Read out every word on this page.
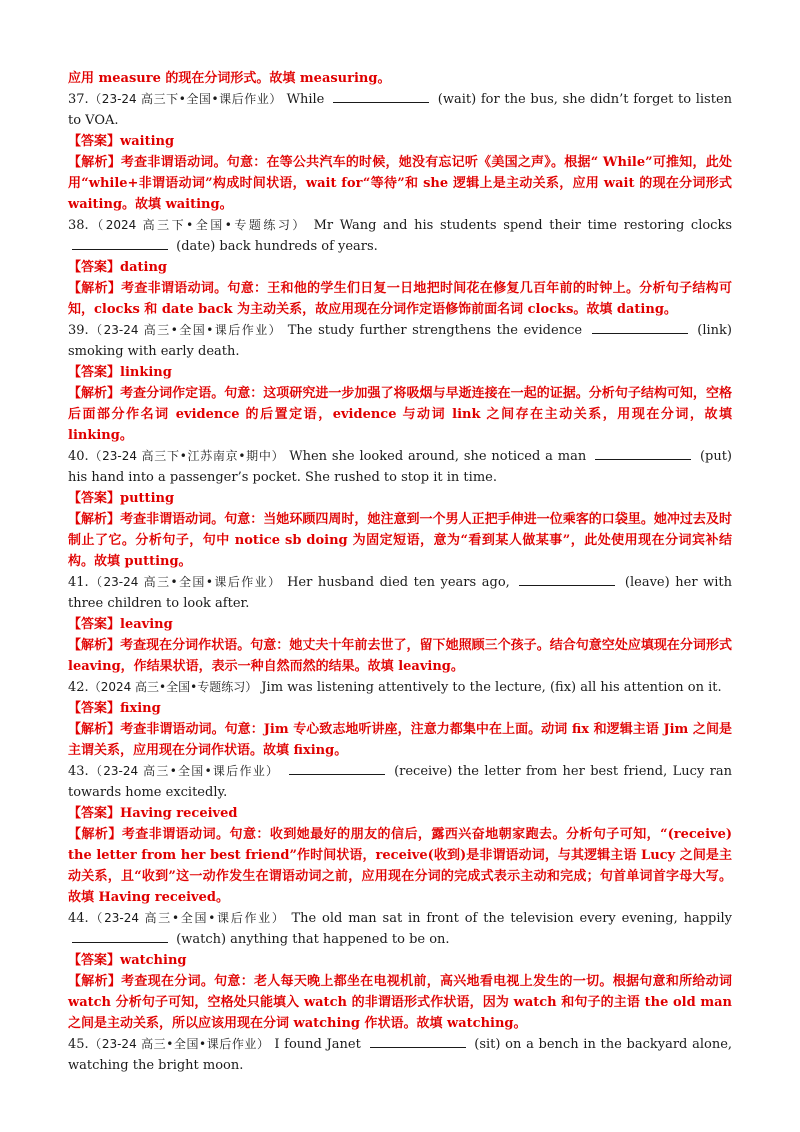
应用 measure 的现在分词形式。故填 measuring。
37.（23-24 高三下•全国•课后作业） While	(wait) for the bus, she didn’t forget to listen to VOA.
【答案】waiting
【解析】考查非谓语动词。句意：在等公共汽车的时候，她没有忘记听《美国之声》。根据“ While”可推知，此处用“while+非谓语动词”构成时间状语，wait for“等待”和 she 逻辑上是主动关系，应用 wait 的现在分词形式 waiting。故填 waiting。
38.（2024 高三下•全国•专题练习） Mr Wang and his students spend their time restoring clocks  (date) back hundreds of years.
【答案】dating
【解析】考查非谓语动词。句意：王和他的学生们日复一日地把时间花在修复几百年前的时钟上。分析句子结构可知，clocks 和 date back 为主动关系，故应用现在分词作定语修饰前面名词 clocks。故填 dating。
39.（23-24 高三•全国•课后作业） The study further strengthens the evidence	(link) smoking with early death.
【答案】linking
【解析】考查分词作定语。句意：这项研究进一步加强了将吸烟与早逝连接在一起的证据。分析句子结构可知，空格后面部分作名词 evidence 的后置定语，evidence 与动词 link 之间存在主动关系，用现在分词，故填 linking。
40.（23-24 高三下•江苏南京•期中） When she looked around, she noticed a man	(put) his hand into a passenger’s pocket. She rushed to stop it in time.
【答案】putting
【解析】考查非谓语动词。句意：当她环顾四周时，她注意到一个男人正把手伸进一位乘客的口袋里。她冲过去及时制止了它。分析句子，句中 notice sb doing 为固定短语，意为“看到某人做某事”，此处使用现在分词宾补结构。故填 putting。
41.（23-24 高三•全国•课后作业） Her husband died ten years ago,	(leave) her with three children to look after.
【答案】leaving
【解析】考查现在分词作状语。句意：她丈夫十年前去世了，留下她照顾三个孩子。结合句意空处应填现在分词形式 leaving，作结果状语，表示一种自然而然的结果。故填 leaving。
42.（2024 高三•全国•专题练习） Jim was listening attentively to the lecture, (fix) all his attention on it.
【答案】fixing
【解析】考查非谓语动词。句意：Jim 专心致志地听讲座，注意力都集中在上面。动词 fix 和逻辑主语 Jim 之间是主谓关系，应用现在分词作状语。故填 fixing。
43.（23-24 高三•全国•课后作业）	(receive) the letter from her best friend, Lucy ran towards home excitedly.
【答案】Having received
【解析】考查非谓语动词。句意：收到她最好的朋友的信后，露西兴奋地朝家跑去。分析句子可知，“(receive) the letter from her best friend”作时间状语，receive(收到)是非谓语动词，与其逻辑主语 Lucy 之间是主动关系，且“收到”这一动作发生在谓语动词之前，应用现在分词的完成式表示主动和完成；句首单词首字母大写。故填 Having received。
44.（23-24 高三•全国•课后作业） The old man sat in front of the television every evening, happily  (watch) anything that happened to be on.
【答案】watching
【解析】考查现在分词。句意：老人每天晚上都坐在电视机前，高兴地看电视上发生的一切。根据句意和所给动词 watch 分析句子可知，空格处只能填入 watch 的非谓语形式作状语，因为 watch 和句子的主语 the old man 之间是主动关系，所以应该用现在分词 watching 作状语。故填 watching。
45.（23-24 高三•全国•课后作业） I found Janet	(sit) on a bench in the backyard alone, watching the bright moon.
